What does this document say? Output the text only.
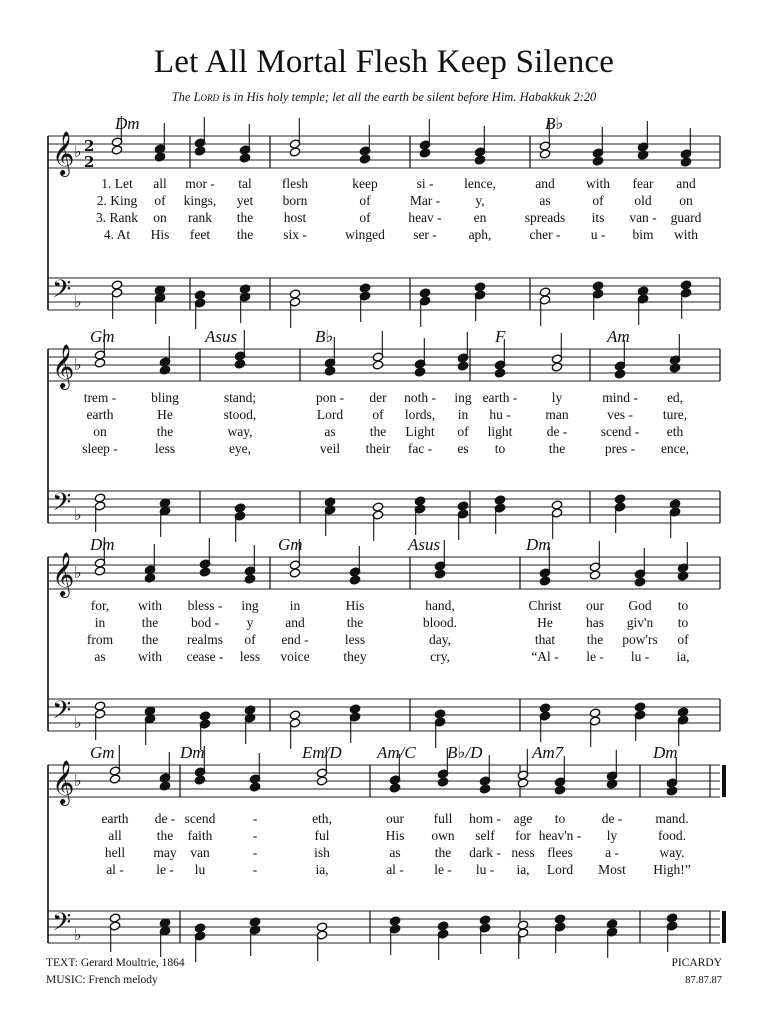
Let All Mortal Flesh Keep Silence
The Lord is in His holy temple; let all the earth be silent before Him. Habakkuk 2:20
𝄞
𝄢
♭
♭
2
2
𝄞
𝄢
♭
♭
𝄞
𝄢
♭
♭
𝄞
𝄢
♭
♭
Dm	B♭
1. Let all mor - tal flesh	keep	si - lence,	and with fear and
2. King of kings, yet born	of	Mar -	y,	as	of old on
3. Rank on rank the host	of	heav - en	spreads its van - guard
4. At His feet the six -	winged ser - aph,	cher - u - bim with
Gm	Asus	B♭	F	Am
trem -	bling	stand;	pon - der noth - ing earth -	ly	mind - ed,
earth	He	stood,	Lord of lords, in hu -	man	ves - ture,
on	the	way,	as	the Light of light	de - scend - eth
sleep -	less	eye,	veil their fac - es to	the	pres - ence,
Dm	Gm	Asus	Dm
for, with bless - ing in	His	hand,	Christ our God to
in	the bod - y and	the	blood.	He has giv'n to
from the realms of end -	less	day,	that the pow'rs of
as with cease - less voice	they	cry,	“Al - le - lu - ia,
Gm	Dm	Em/D Am/C B♭/D	Am7	Dm
earth de - scend	-	eth,	our full hom - age to	de - mand.
all	the faith	-	ful	His own self for heav'n - ly	food.
hell may van	-	ish	as	the dark - ness flees a -	way.
al - le - lu	-	ia,	al - le - lu - ia, Lord Most High!”
TEXT: Gerard Moultrie, 1864
MUSIC: French melody
PICARDY
87.87.87
